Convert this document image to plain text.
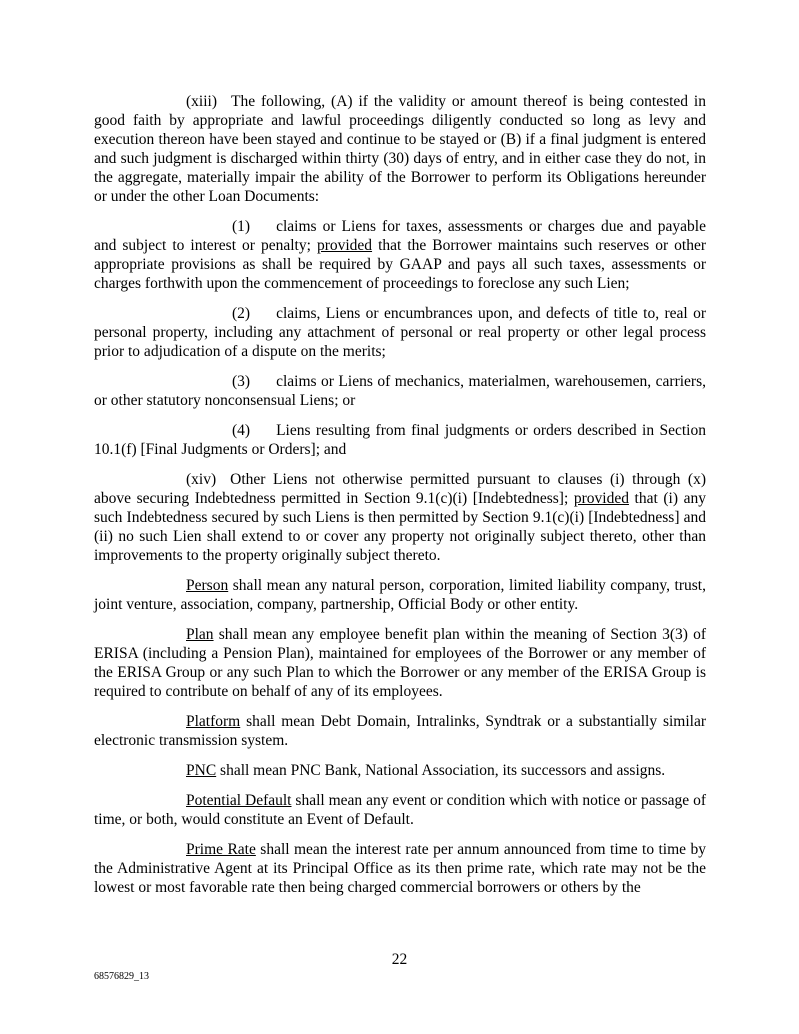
(xiii) The following, (A) if the validity or amount thereof is being contested in good faith by appropriate and lawful proceedings diligently conducted so long as levy and execution thereon have been stayed and continue to be stayed or (B) if a final judgment is entered and such judgment is discharged within thirty (30) days of entry, and in either case they do not, in the aggregate, materially impair the ability of the Borrower to perform its Obligations hereunder or under the other Loan Documents:

(1) claims or Liens for taxes, assessments or charges due and payable and subject to interest or penalty; provided that the Borrower maintains such reserves or other appropriate provisions as shall be required by GAAP and pays all such taxes, assessments or charges forthwith upon the commencement of proceedings to foreclose any such Lien;

(2) claims, Liens or encumbrances upon, and defects of title to, real or personal property, including any attachment of personal or real property or other legal process prior to adjudication of a dispute on the merits;

(3) claims or Liens of mechanics, materialmen, warehousemen, carriers, or other statutory nonconsensual Liens; or

(4) Liens resulting from final judgments or orders described in Section 10.1(f) [Final Judgments or Orders]; and

(xiv) Other Liens not otherwise permitted pursuant to clauses (i) through (x) above securing Indebtedness permitted in Section 9.1(c)(i) [Indebtedness]; provided that (i) any such Indebtedness secured by such Liens is then permitted by Section 9.1(c)(i) [Indebtedness] and (ii) no such Lien shall extend to or cover any property not originally subject thereto, other than improvements to the property originally subject thereto.

Person shall mean any natural person, corporation, limited liability company, trust, joint venture, association, company, partnership, Official Body or other entity.

Plan shall mean any employee benefit plan within the meaning of Section 3(3) of ERISA (including a Pension Plan), maintained for employees of the Borrower or any member of the ERISA Group or any such Plan to which the Borrower or any member of the ERISA Group is required to contribute on behalf of any of its employees.

Platform shall mean Debt Domain, Intralinks, Syndtrak or a substantially similar electronic transmission system.

PNC shall mean PNC Bank, National Association, its successors and assigns.

Potential Default shall mean any event or condition which with notice or passage of time, or both, would constitute an Event of Default.

Prime Rate shall mean the interest rate per annum announced from time to time by the Administrative Agent at its Principal Office as its then prime rate, which rate may not be the lowest or most favorable rate then being charged commercial borrowers or others by the

22
68576829_13
